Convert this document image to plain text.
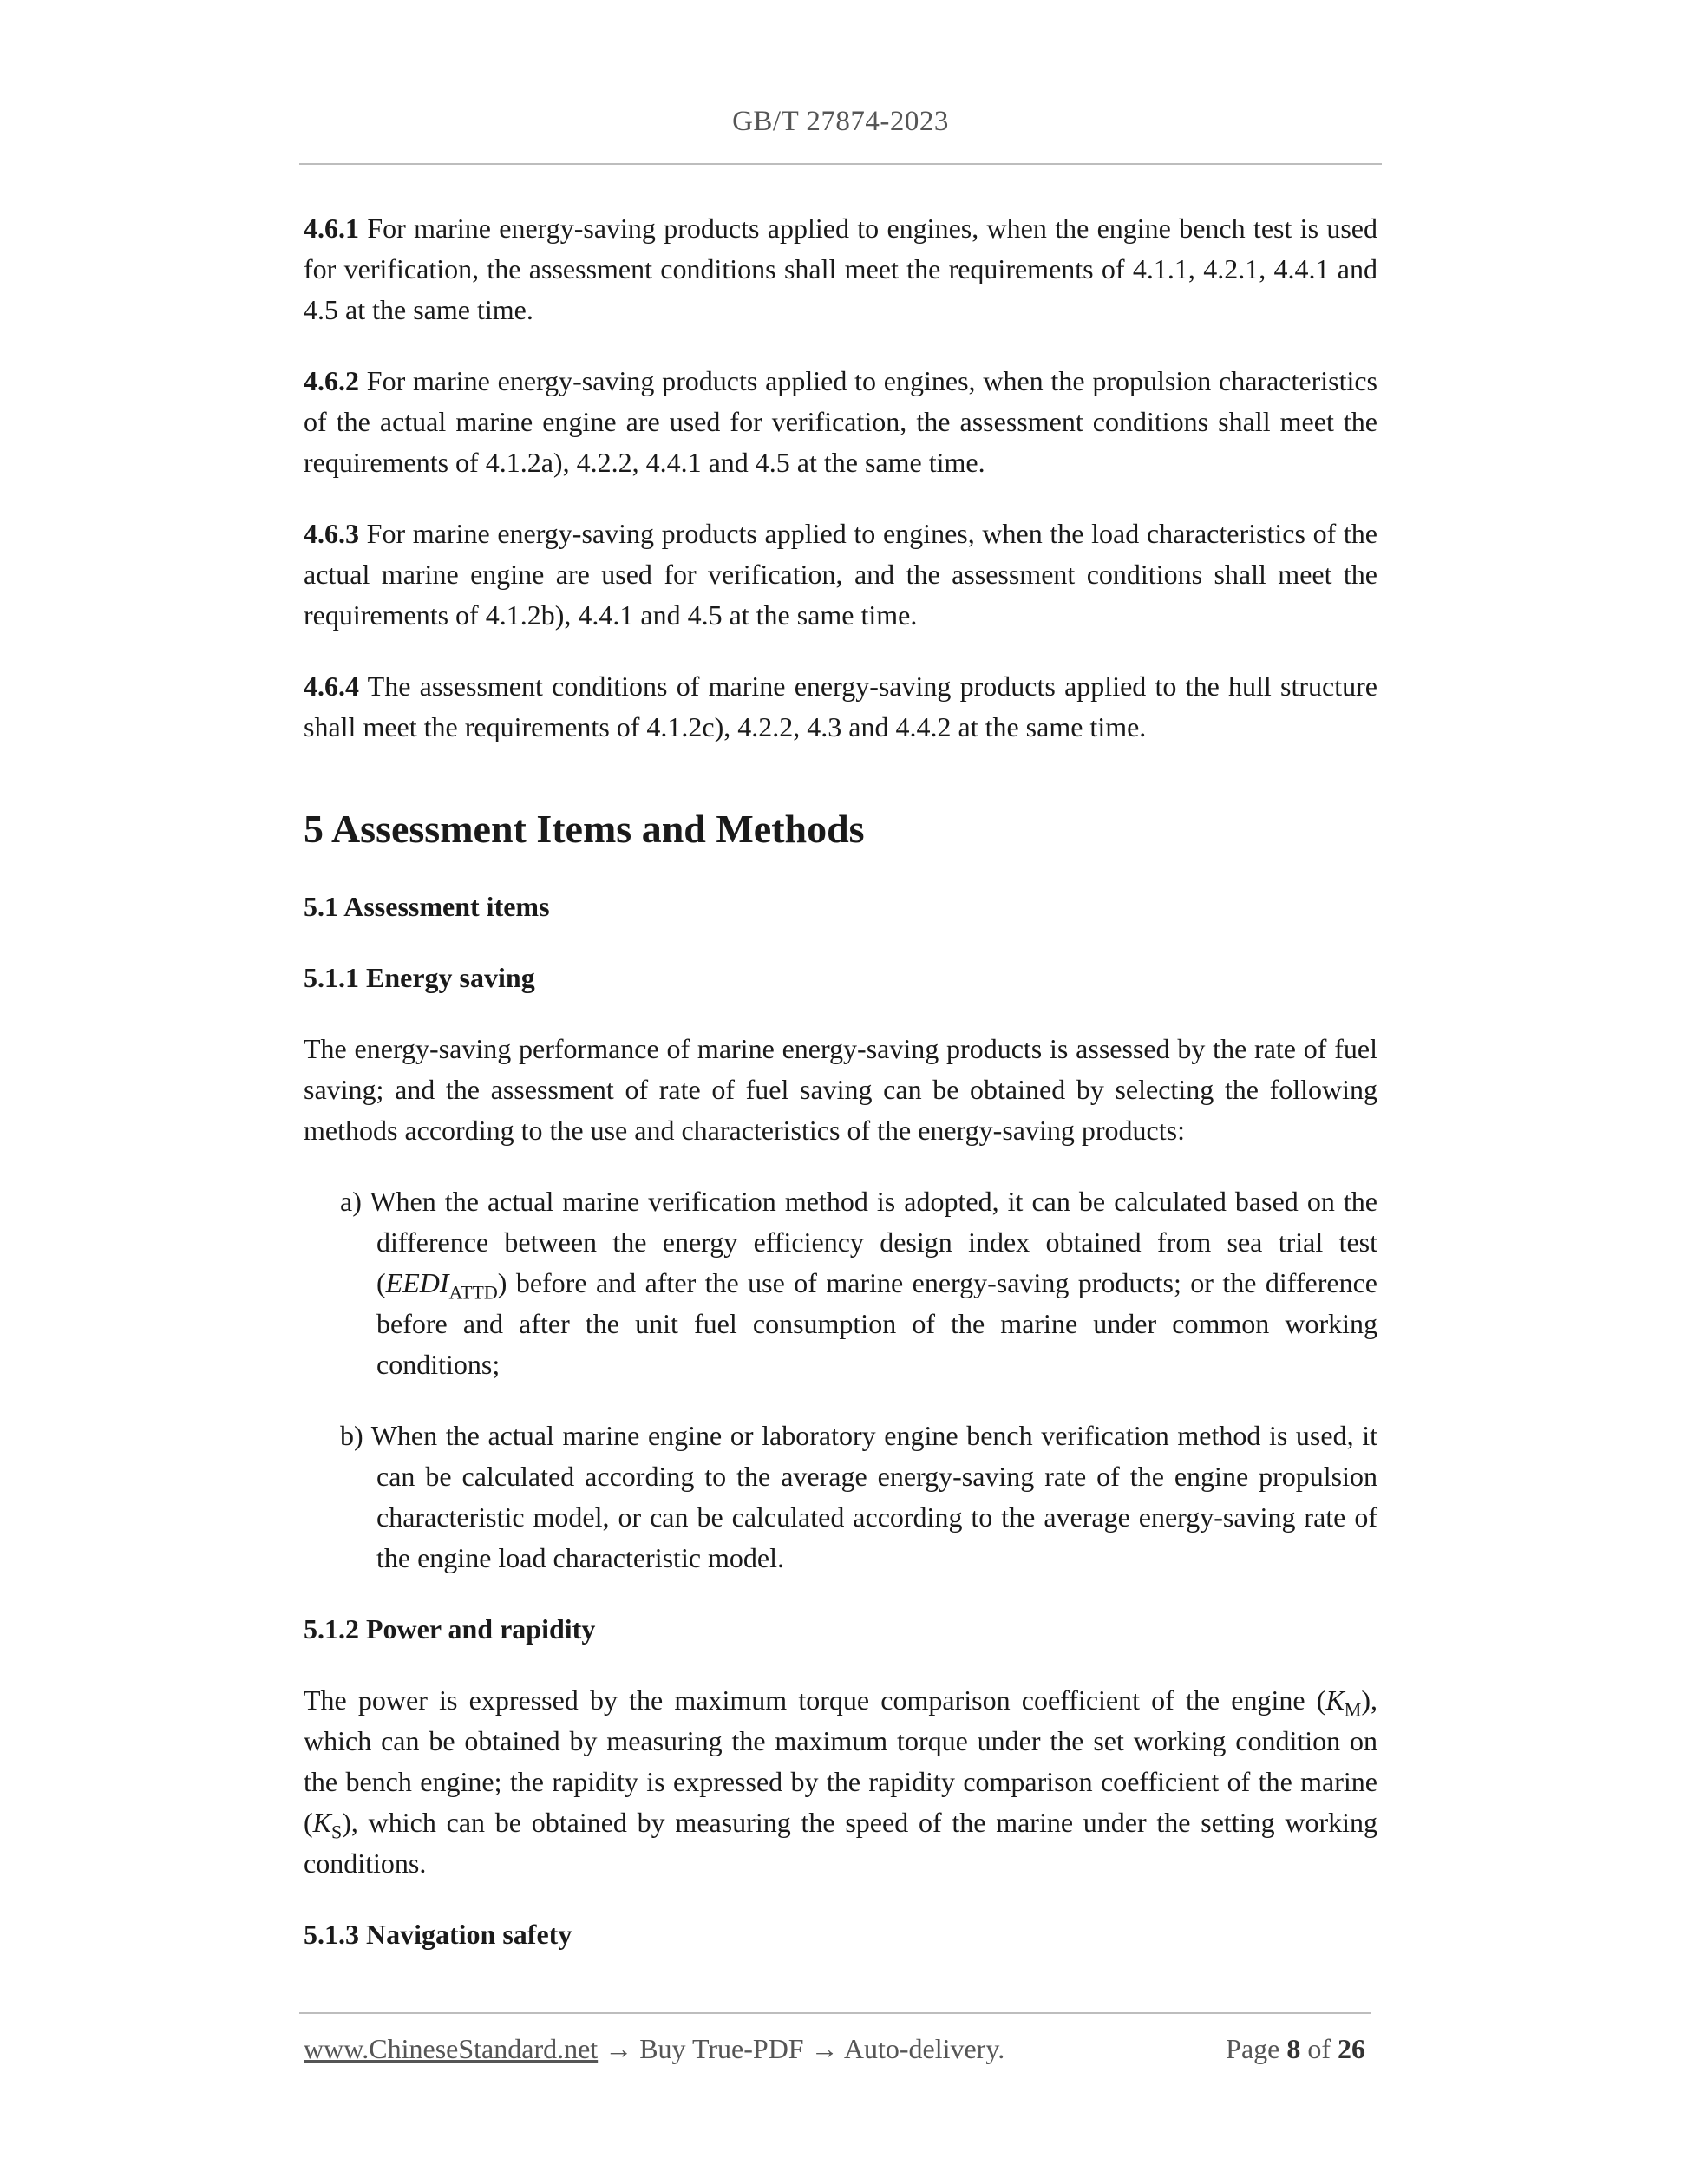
GB/T 27874-2023

4.6.1 For marine energy-saving products applied to engines, when the engine bench test is used for verification, the assessment conditions shall meet the requirements of 4.1.1, 4.2.1, 4.4.1 and 4.5 at the same time.

4.6.2 For marine energy-saving products applied to engines, when the propulsion characteristics of the actual marine engine are used for verification, the assessment conditions shall meet the requirements of 4.1.2a), 4.2.2, 4.4.1 and 4.5 at the same time.

4.6.3 For marine energy-saving products applied to engines, when the load characteristics of the actual marine engine are used for verification, and the assessment conditions shall meet the requirements of 4.1.2b), 4.4.1 and 4.5 at the same time.

4.6.4 The assessment conditions of marine energy-saving products applied to the hull structure shall meet the requirements of 4.1.2c), 4.2.2, 4.3 and 4.4.2 at the same time.

5 Assessment Items and Methods

5.1 Assessment items

5.1.1 Energy saving

The energy-saving performance of marine energy-saving products is assessed by the rate of fuel saving; and the assessment of rate of fuel saving can be obtained by selecting the following methods according to the use and characteristics of the energy-saving products:

a) When the actual marine verification method is adopted, it can be calculated based on the difference between the energy efficiency design index obtained from sea trial test $(EEDI_{ATTD})$ before and after the use of marine energy-saving products; or the difference before and after the unit fuel consumption of the marine under common working conditions;

b) When the actual marine engine or laboratory engine bench verification method is used, it can be calculated according to the average energy-saving rate of the engine propulsion characteristic model, or can be calculated according to the average energy-saving rate of the engine load characteristic model.

5.1.2 Power and rapidity

The power is expressed by the maximum torque comparison coefficient of the engine $(K_M)$, which can be obtained by measuring the maximum torque under the set working condition on the bench engine; the rapidity is expressed by the rapidity comparison coefficient of the marine $(K_S)$, which can be obtained by measuring the speed of the marine under the setting working conditions.

5.1.3 Navigation safety

www.ChineseStandard.net → Buy True-PDF → Auto-delivery.	Page 8 of 26
